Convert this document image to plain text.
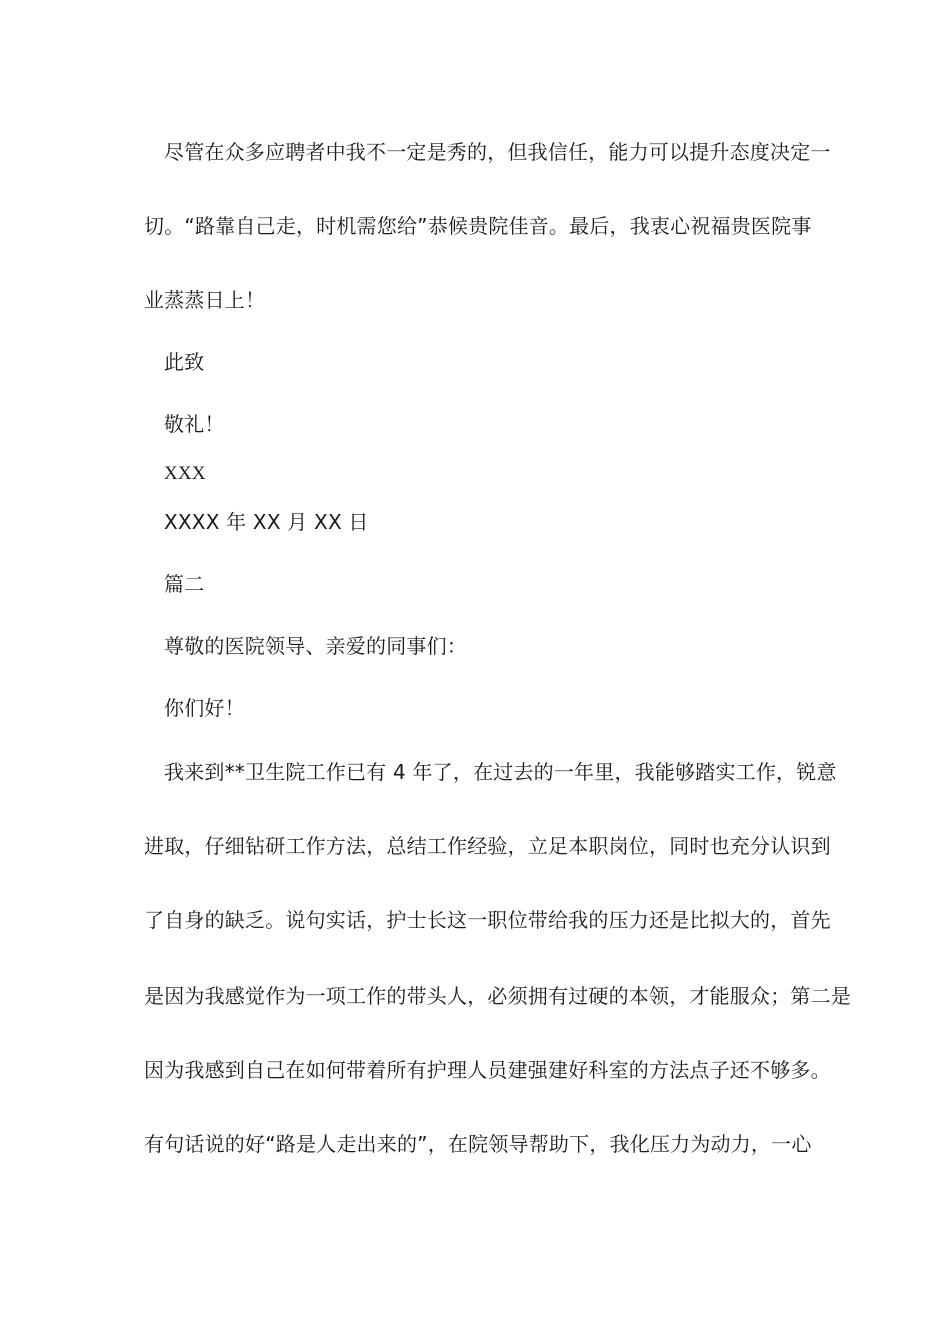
尽管在众多应聘者中我不一定是秀的，但我信任，能力可以提升态度决定一
切。“路靠自己走，时机需您给”恭候贵院佳音。最后，我衷心祝福贵医院事
业蒸蒸日上！
此致
敬礼！
XXX
XXXX 年 XX 月 XX 日
篇二
尊敬的医院领导、亲爱的同事们：
你们好！
我来到**卫生院工作已有 4 年了，在过去的一年里，我能够踏实工作，锐意
进取，仔细钻研工作方法，总结工作经验，立足本职岗位，同时也充分认识到
了自身的缺乏。说句实话，护士长这一职位带给我的压力还是比拟大的，首先
是因为我感觉作为一项工作的带头人，必须拥有过硬的本领，才能服众；第二是
因为我感到自己在如何带着所有护理人员建强建好科室的方法点子还不够多。
有句话说的好“路是人走出来的”，在院领导帮助下，我化压力为动力，一心
